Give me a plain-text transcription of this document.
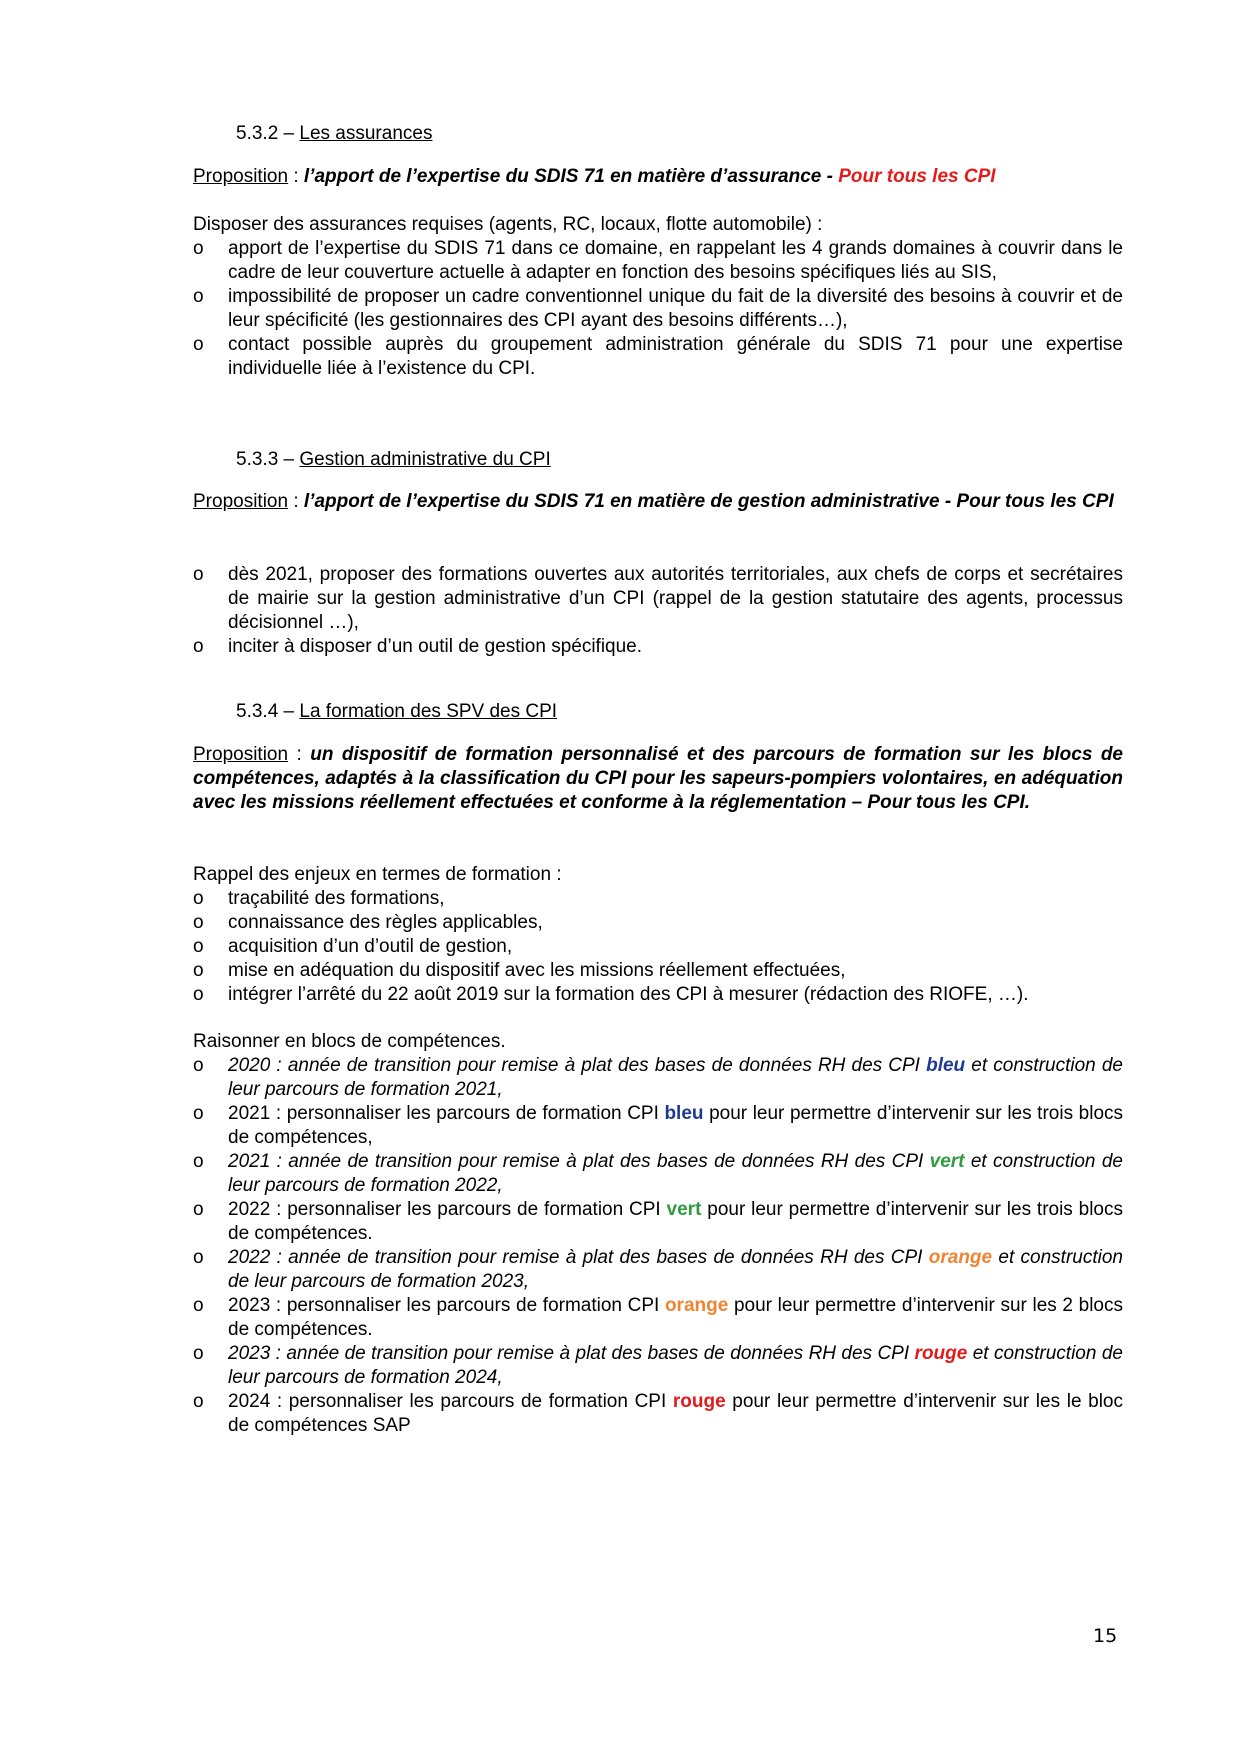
5.3.2 – Les assurances
Proposition : l’apport de l’expertise du SDIS 71 en matière d’assurance - Pour tous les CPI
Disposer des assurances requises (agents, RC, locaux, flotte automobile) :
o	apport de l’expertise du SDIS 71 dans ce domaine, en rappelant les 4 grands domaines à couvrir dans le cadre de leur couverture actuelle à adapter en fonction des besoins spécifiques liés au SIS,
o	impossibilité de proposer un cadre conventionnel unique du fait de la diversité des besoins à couvrir et de leur spécificité (les gestionnaires des CPI ayant des besoins différents…),
o	contact possible auprès du groupement administration générale du SDIS 71 pour une expertise individuelle liée à l’existence du CPI.
5.3.3 – Gestion administrative du CPI
Proposition : l’apport de l’expertise du SDIS 71 en matière de gestion administrative - Pour tous les CPI
o	dès 2021, proposer des formations ouvertes aux autorités territoriales, aux chefs de corps et secrétaires de mairie sur la gestion administrative d’un CPI (rappel de la gestion statutaire des agents, processus décisionnel …),
o	inciter à disposer d’un outil de gestion spécifique.
5.3.4 – La formation des SPV des CPI
Proposition : un dispositif de formation personnalisé et des parcours de formation sur les blocs de compétences, adaptés à la classification du CPI pour les sapeurs-pompiers volontaires, en adéquation avec les missions réellement effectuées et conforme à la réglementation – Pour tous les CPI.
Rappel des enjeux en termes de formation :
o	traçabilité des formations,
o	connaissance des règles applicables,
o	acquisition d’un d’outil de gestion,
o	mise en adéquation du dispositif avec les missions réellement effectuées,
o	intégrer l’arrêté du 22 août 2019 sur la formation des CPI à mesurer (rédaction des RIOFE, …).
Raisonner en blocs de compétences.
o	2020 : année de transition pour remise à plat des bases de données RH des CPI bleu et construction de leur parcours de formation 2021,
o	2021 : personnaliser les parcours de formation CPI bleu pour leur permettre d’intervenir sur les trois blocs de compétences,
o	2021 : année de transition pour remise à plat des bases de données RH des CPI vert et construction de leur parcours de formation 2022,
o	2022 : personnaliser les parcours de formation CPI vert pour leur permettre d’intervenir sur les trois blocs de compétences.
o	2022 : année de transition pour remise à plat des bases de données RH des CPI orange et construction de leur parcours de formation 2023,
o	2023 : personnaliser les parcours de formation CPI orange pour leur permettre d’intervenir sur les 2 blocs de compétences.
o	2023 : année de transition pour remise à plat des bases de données RH des CPI rouge et construction de leur parcours de formation 2024,
o	2024 : personnaliser les parcours de formation CPI rouge pour leur permettre d’intervenir sur les le bloc de compétences SAP
15
